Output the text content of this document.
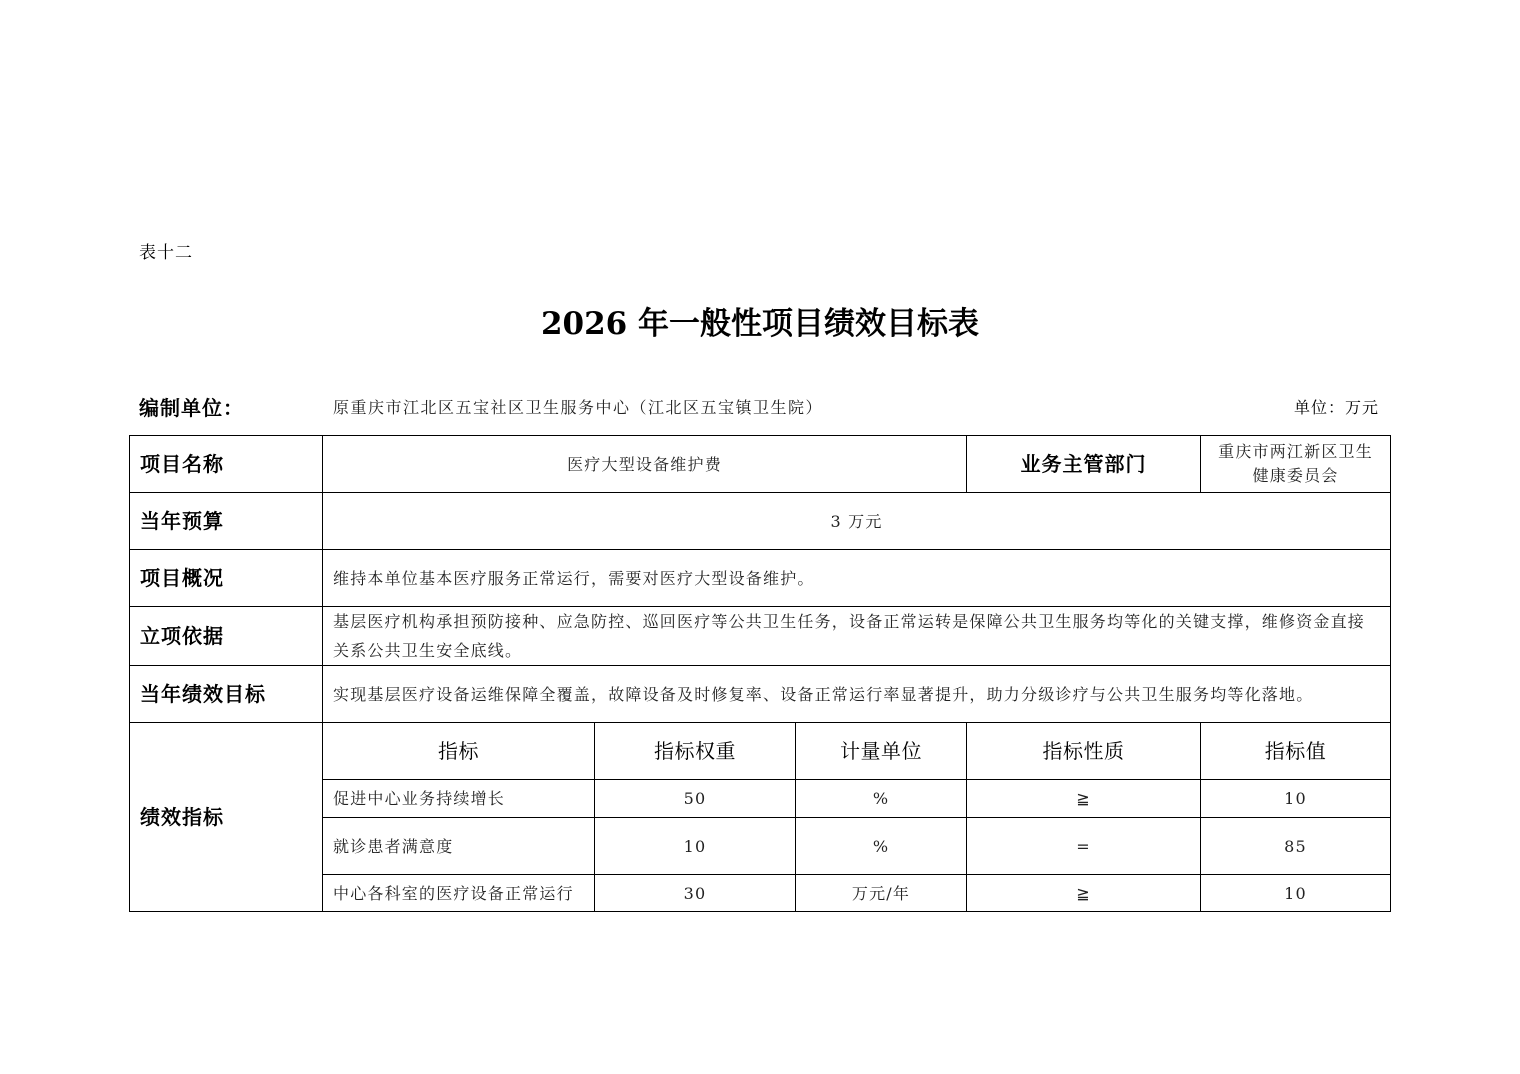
表十二
2026 年一般性项目绩效目标表
编制单位：	原重庆市江北区五宝社区卫生服务中心（江北区五宝镇卫生院）	单位：万元
项目名称	医疗大型设备维护费			业务主管部门	重庆市两江新区卫生健康委员会
当年预算	3 万元				
项目概况	维持本单位基本医疗服务正常运行，需要对医疗大型设备维护。				
立项依据	基层医疗机构承担预防接种、应急防控、巡回医疗等公共卫生任务，设备正常运转是保障公共卫生服务均等化的关键支撑，维修资金直接关系公共卫生安全底线。				
当年绩效目标	实现基层医疗设备运维保障全覆盖，故障设备及时修复率、设备正常运行率显著提升，助力分级诊疗与公共卫生服务均等化落地。				
绩效指标	指标	指标权重	计量单位	指标性质	指标值
	促进中心业务持续增长	50	%	≧	10
	就诊患者满意度	10	%	=	85
	中心各科室的医疗设备正常运行	30	万元/年	≧	10
